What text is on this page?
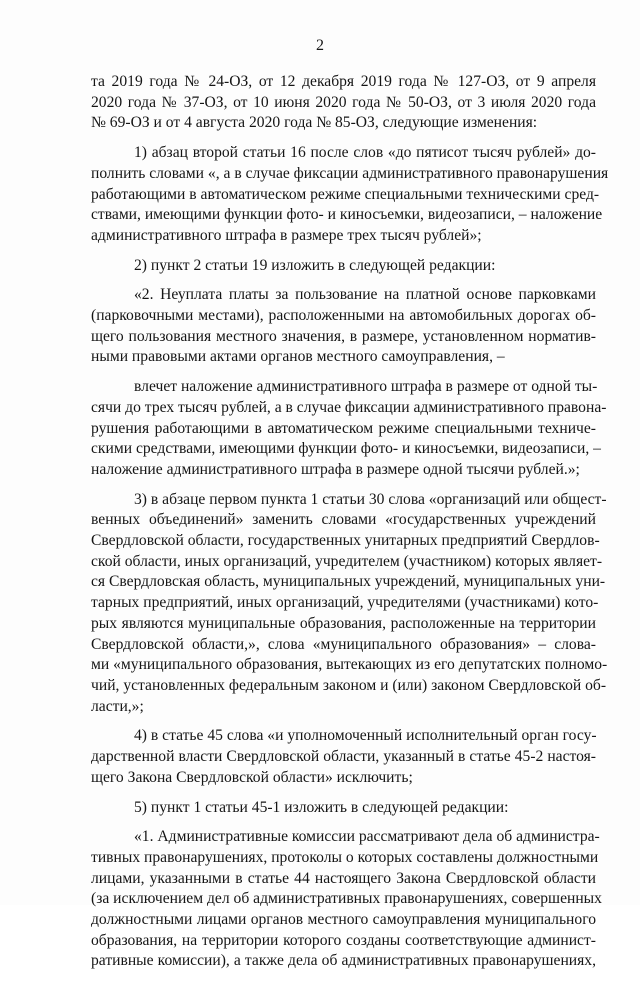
2
та 2019 года № 24-ОЗ, от 12 декабря 2019 года № 127-ОЗ, от 9 апреля
2020 года № 37-ОЗ, от 10 июня 2020 года № 50-ОЗ, от 3 июля 2020 года
№ 69-ОЗ и от 4 августа 2020 года № 85-ОЗ, следующие изменения:
1) абзац второй статьи 16 после слов «до пятисот тысяч рублей» до-
полнить словами «, а в случае фиксации административного правонарушения
работающими в автоматическом режиме специальными техническими сред-
ствами, имеющими функции фото- и киносъемки, видеозаписи, – наложение
административного штрафа в размере трех тысяч рублей»;
2) пункт 2 статьи 19 изложить в следующей редакции:
«2. Неуплата платы за пользование на платной основе парковками
(парковочными местами), расположенными на автомобильных дорогах об-
щего пользования местного значения, в размере, установленном норматив-
ными правовыми актами органов местного самоуправления, –
влечет наложение административного штрафа в размере от одной ты-
сячи до трех тысяч рублей, а в случае фиксации административного правона-
рушения работающими в автоматическом режиме специальными техниче-
скими средствами, имеющими функции фото- и киносъемки, видеозаписи, –
наложение административного штрафа в размере одной тысячи рублей.»;
3) в абзаце первом пункта 1 статьи 30 слова «организаций или общест-
венных объединений» заменить словами «государственных учреждений
Свердловской области, государственных унитарных предприятий Свердлов-
ской области, иных организаций, учредителем (участником) которых являет-
ся Свердловская область, муниципальных учреждений, муниципальных уни-
тарных предприятий, иных организаций, учредителями (участниками) кото-
рых являются муниципальные образования, расположенные на территории
Свердловской области,», слова «муниципального образования» – слова-
ми «муниципального образования, вытекающих из его депутатских полномо-
чий, установленных федеральным законом и (или) законом Свердловской об-
ласти,»;
4) в статье 45 слова «и уполномоченный исполнительный орган госу-
дарственной власти Свердловской области, указанный в статье 45-2 настоя-
щего Закона Свердловской области» исключить;
5) пункт 1 статьи 45-1 изложить в следующей редакции:
«1. Административные комиссии рассматривают дела об администра-
тивных правонарушениях, протоколы о которых составлены должностными
лицами, указанными в статье 44 настоящего Закона Свердловской области
(за исключением дел об административных правонарушениях, совершенных
должностными лицами органов местного самоуправления муниципального
образования, на территории которого созданы соответствующие админист-
ративные комиссии), а также дела об административных правонарушениях,
